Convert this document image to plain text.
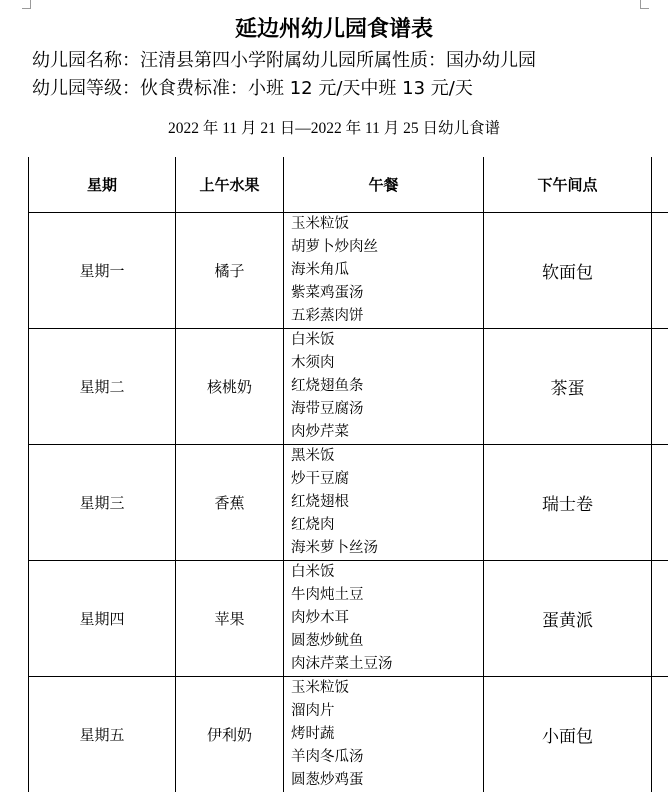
延边州幼儿园食谱表
幼儿园名称：汪清县第四小学附属幼儿园所属性质：国办幼儿园
幼儿园等级：伙食费标准：小班 12 元/天中班 13 元/天
2022 年 11 月 21 日—2022 年 11 月 25 日幼儿食谱
星期	上午水果	午餐	下午间点	
星期一	橘子	玉米粒饭
胡萝卜炒肉丝
海米角瓜
紫菜鸡蛋汤
五彩蒸肉饼	软面包	
星期二	核桃奶	白米饭
木须肉
红烧翅鱼条
海带豆腐汤
肉炒芹菜	茶蛋	
星期三	香蕉	黑米饭
炒干豆腐
红烧翅根
红烧肉
海米萝卜丝汤	瑞士卷	
星期四	苹果	白米饭
牛肉炖土豆
肉炒木耳
圆葱炒鱿鱼
肉沫芹菜土豆汤	蛋黄派	
星期五	伊利奶	玉米粒饭
溜肉片
烤时蔬
羊肉冬瓜汤
圆葱炒鸡蛋	小面包	
